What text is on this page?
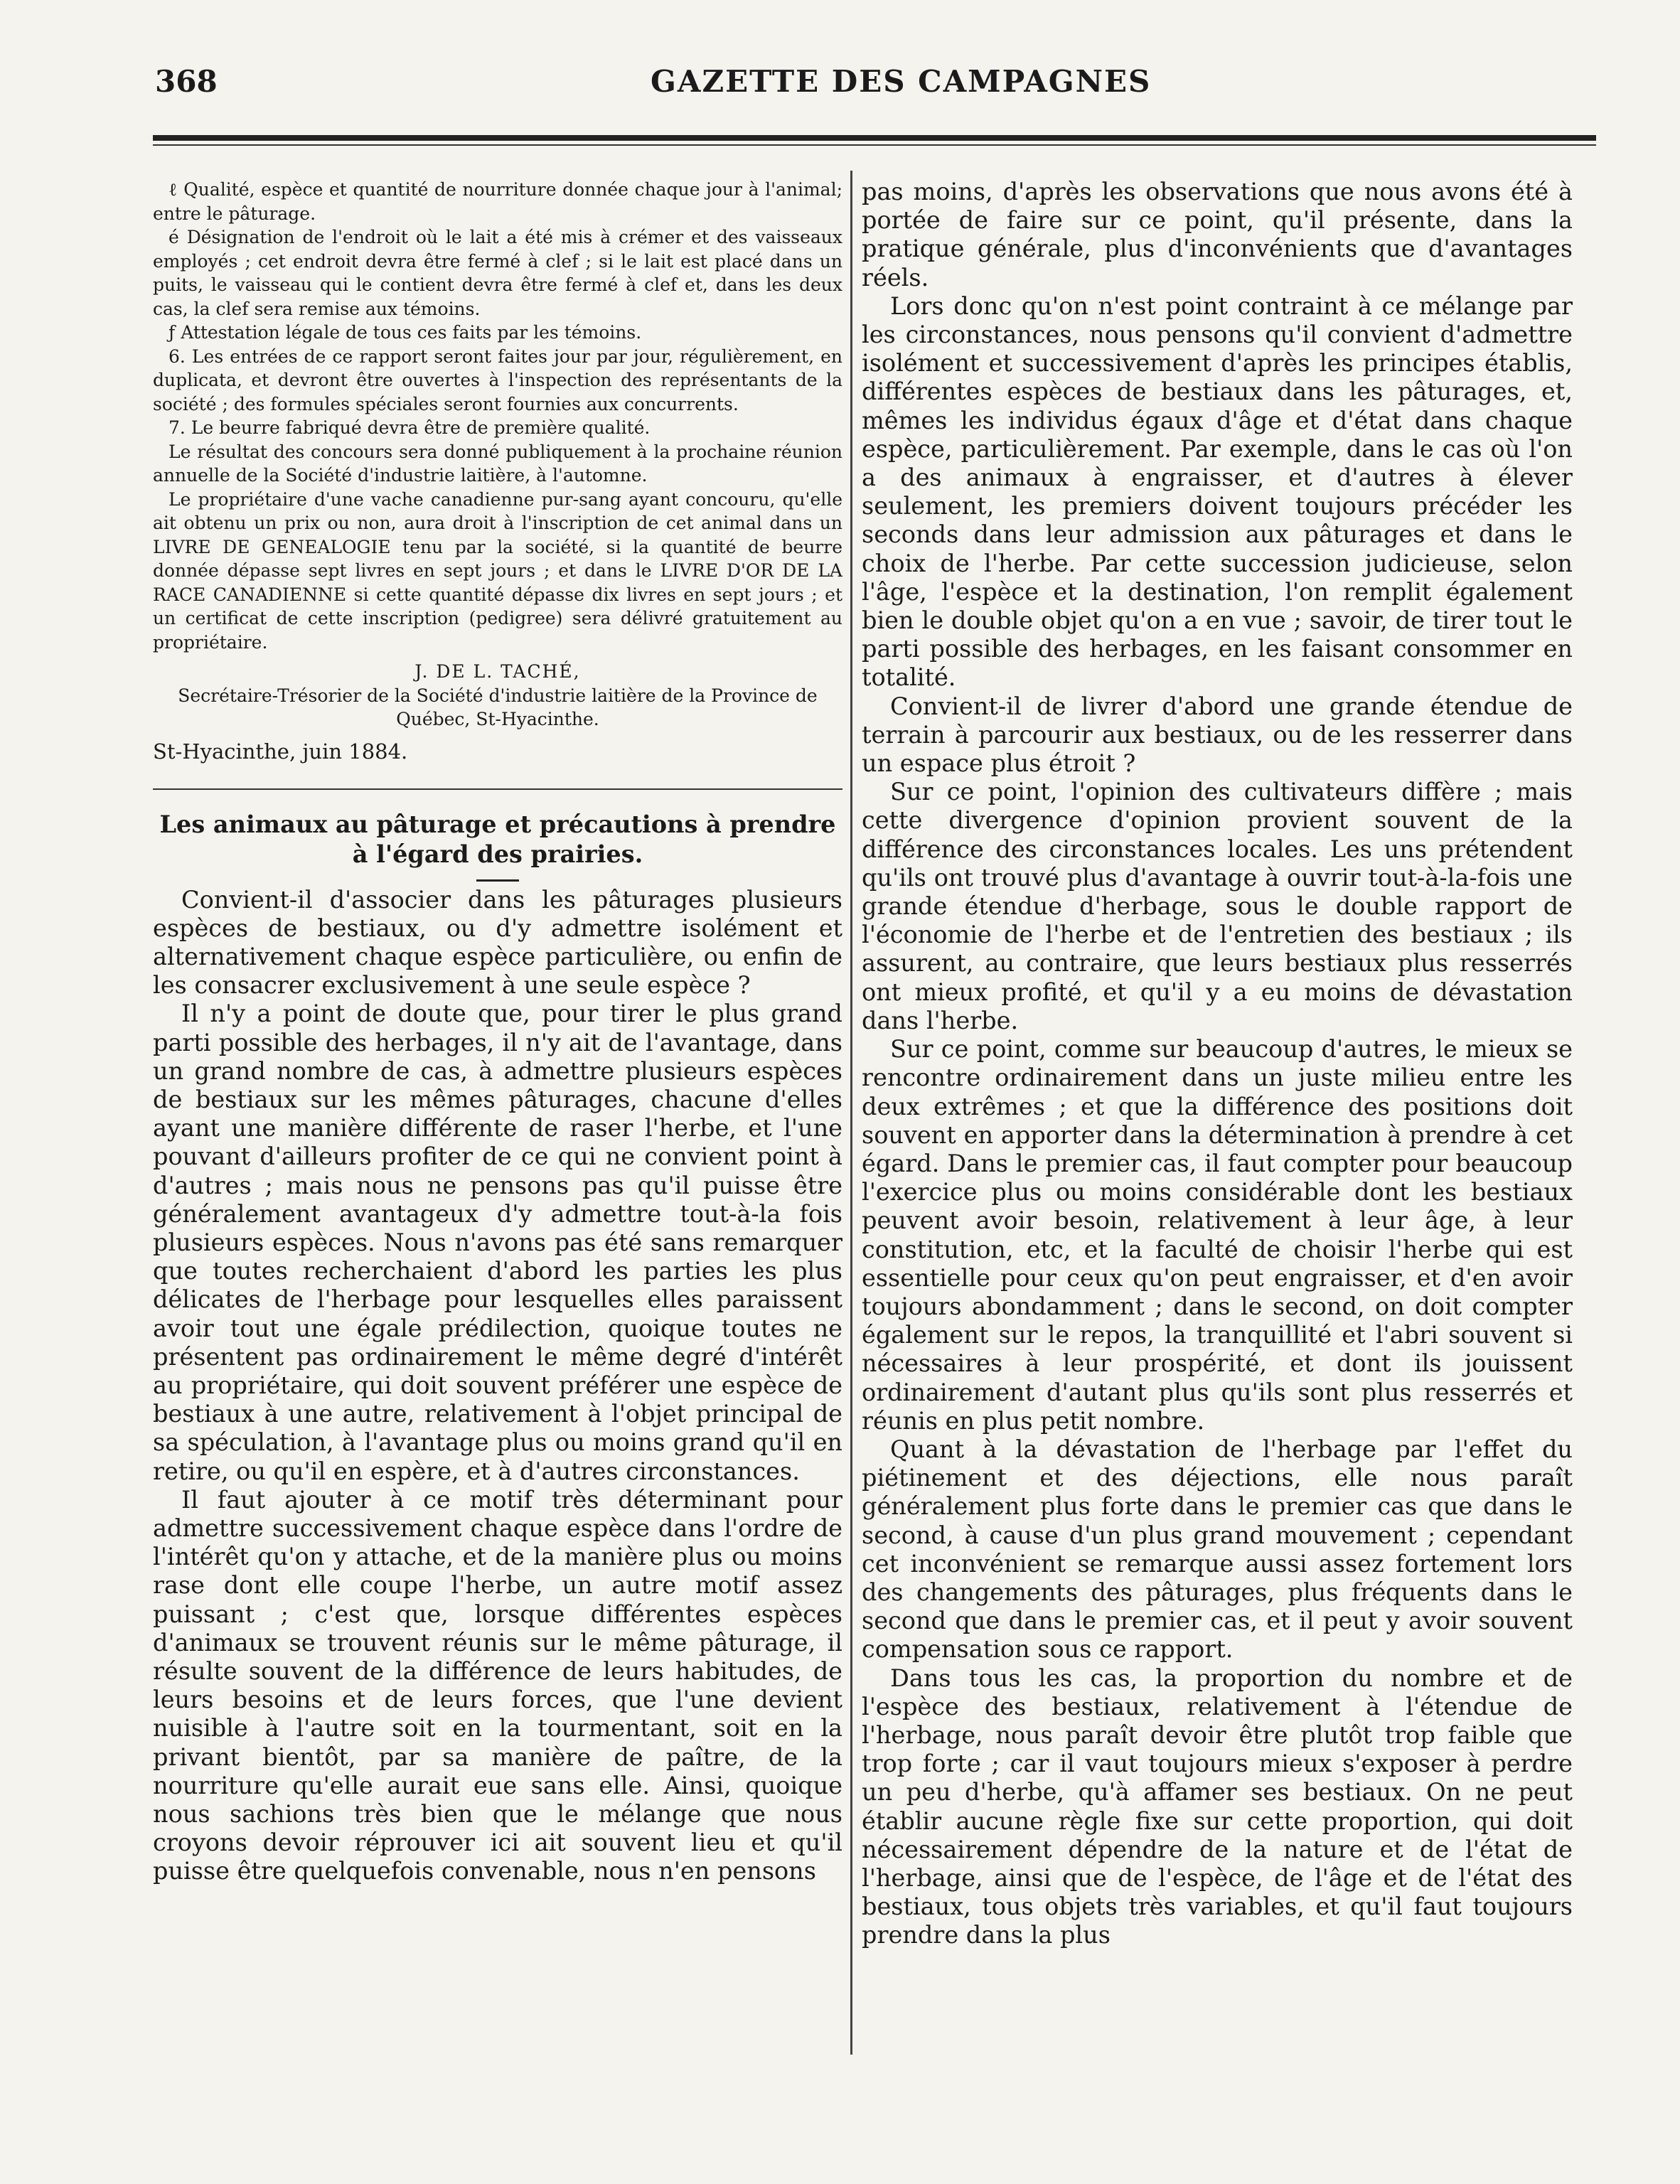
368	GAZETTE DES CAMPAGNES

ℓ Qualité, espèce et quantité de nourriture donnée chaque jour à l'animal; entre le pâturage.

é Désignation de l'endroit où le lait a été mis à crémer et des vaisseaux employés ; cet endroit devra être fermé à clef ; si le lait est placé dans un puits, le vaisseau qui le contient devra être fermé à clef et, dans les deux cas, la clef sera remise aux témoins.

ƒ Attestation légale de tous ces faits par les témoins.

6. Les entrées de ce rapport seront faites jour par jour, régulièrement, en duplicata, et devront être ouvertes à l'inspection des représentants de la société ; des formules spéciales seront fournies aux concurrents.

7. Le beurre fabriqué devra être de première qualité.

Le résultat des concours sera donné publiquement à la prochaine réunion annuelle de la Société d'industrie laitière, à l'automne.

Le propriétaire d'une vache canadienne pur-sang ayant concouru, qu'elle ait obtenu un prix ou non, aura droit à l'inscription de cet animal dans un LIVRE DE GENEALOGIE tenu par la société, si la quantité de beurre donnée dépasse sept livres en sept jours ; et dans le LIVRE D'OR DE LA RACE CANADIENNE si cette quantité dépasse dix livres en sept jours ; et un certificat de cette inscription (pedigree) sera délivré gratuitement au propriétaire.

J. DE L. TACHÉ,

Secrétaire-Trésorier de la Société d'industrie laitière de la Province de Québec, St-Hyacinthe.

St-Hyacinthe, juin 1884.

Les animaux au pâturage et précautions à prendre à l'égard des prairies.

Convient-il d'associer dans les pâturages plusieurs espèces de bestiaux, ou d'y admettre isolément et alternativement chaque espèce particulière, ou enfin de les consacrer exclusivement à une seule espèce ?

Il n'y a point de doute que, pour tirer le plus grand parti possible des herbages, il n'y ait de l'avantage, dans un grand nombre de cas, à admettre plusieurs espèces de bestiaux sur les mêmes pâturages, chacune d'elles ayant une manière différente de raser l'herbe, et l'une pouvant d'ailleurs profiter de ce qui ne convient point à d'autres ; mais nous ne pensons pas qu'il puisse être généralement avantageux d'y admettre tout-à-la fois plusieurs espèces. Nous n'avons pas été sans remarquer que toutes recherchaient d'abord les parties les plus délicates de l'herbage pour lesquelles elles paraissent avoir tout une égale prédilection, quoique toutes ne présentent pas ordinairement le même degré d'intérêt au propriétaire, qui doit souvent préférer une espèce de bestiaux à une autre, relativement à l'objet principal de sa spéculation, à l'avantage plus ou moins grand qu'il en retire, ou qu'il en espère, et à d'autres circonstances.

Il faut ajouter à ce motif très déterminant pour admettre successivement chaque espèce dans l'ordre de l'intérêt qu'on y attache, et de la manière plus ou moins rase dont elle coupe l'herbe, un autre motif assez puissant ; c'est que, lorsque différentes espèces d'animaux se trouvent réunis sur le même pâturage, il résulte souvent de la différence de leurs habitudes, de leurs besoins et de leurs forces, que l'une devient nuisible à l'autre soit en la tourmentant, soit en la privant bientôt, par sa manière de paître, de la nourriture qu'elle aurait eue sans elle. Ainsi, quoique nous sachions très bien que le mélange que nous croyons devoir réprouver ici ait souvent lieu et qu'il puisse être quelquefois convenable, nous n'en pensons

pas moins, d'après les observations que nous avons été à portée de faire sur ce point, qu'il présente, dans la pratique générale, plus d'inconvénients que d'avantages réels.

Lors donc qu'on n'est point contraint à ce mélange par les circonstances, nous pensons qu'il convient d'admettre isolément et successivement d'après les principes établis, différentes espèces de bestiaux dans les pâturages, et, mêmes les individus égaux d'âge et d'état dans chaque espèce, particulièrement. Par exemple, dans le cas où l'on a des animaux à engraisser, et d'autres à élever seulement, les premiers doivent toujours précéder les seconds dans leur admission aux pâturages et dans le choix de l'herbe. Par cette succession judicieuse, selon l'âge, l'espèce et la destination, l'on remplit également bien le double objet qu'on a en vue ; savoir, de tirer tout le parti possible des herbages, en les faisant consommer en totalité.

Convient-il de livrer d'abord une grande étendue de terrain à parcourir aux bestiaux, ou de les resserrer dans un espace plus étroit ?

Sur ce point, l'opinion des cultivateurs diffère ; mais cette divergence d'opinion provient souvent de la différence des circonstances locales. Les uns prétendent qu'ils ont trouvé plus d'avantage à ouvrir tout-à-la-fois une grande étendue d'herbage, sous le double rapport de l'économie de l'herbe et de l'entretien des bestiaux ; ils assurent, au contraire, que leurs bestiaux plus resserrés ont mieux profité, et qu'il y a eu moins de dévastation dans l'herbe.

Sur ce point, comme sur beaucoup d'autres, le mieux se rencontre ordinairement dans un juste milieu entre les deux extrêmes ; et que la différence des positions doit souvent en apporter dans la détermination à prendre à cet égard. Dans le premier cas, il faut compter pour beaucoup l'exercice plus ou moins considérable dont les bestiaux peuvent avoir besoin, relativement à leur âge, à leur constitution, etc, et la faculté de choisir l'herbe qui est essentielle pour ceux qu'on peut engraisser, et d'en avoir toujours abondamment ; dans le second, on doit compter également sur le repos, la tranquillité et l'abri souvent si nécessaires à leur prospérité, et dont ils jouissent ordinairement d'autant plus qu'ils sont plus resserrés et réunis en plus petit nombre.

Quant à la dévastation de l'herbage par l'effet du piétinement et des déjections, elle nous paraît généralement plus forte dans le premier cas que dans le second, à cause d'un plus grand mouvement ; cependant cet inconvénient se remarque aussi assez fortement lors des changements des pâturages, plus fréquents dans le second que dans le premier cas, et il peut y avoir souvent compensation sous ce rapport.

Dans tous les cas, la proportion du nombre et de l'espèce des bestiaux, relativement à l'étendue de l'herbage, nous paraît devoir être plutôt trop faible que trop forte ; car il vaut toujours mieux s'exposer à perdre un peu d'herbe, qu'à affamer ses bestiaux. On ne peut établir aucune règle fixe sur cette proportion, qui doit nécessairement dépendre de la nature et de l'état de l'herbage, ainsi que de l'espèce, de l'âge et de l'état des bestiaux, tous objets très variables, et qu'il faut toujours prendre dans la plus
